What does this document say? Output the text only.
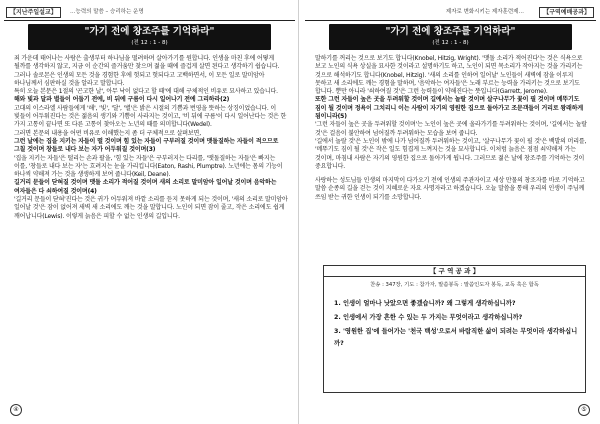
【지난주일설교】	…능력의 말씀 – 승리하는 운명
"가기 전에 창조주를 기억하라"
(전 12 : 1 - 8)

죄 가운데 태어나는 사람은 출생부터 하나님을 떨려하며 살아가기를 원합니다. 인생을 마친 후에 어떻게 될까를 생각하지 않고, 지금 이 순간의 즐거움만 찾으며 젊을 때에 즐겁게 살면 된다고 생각하기 쉽습니다. 그러나 솔로몬은 인생의 모든 것을 경험한 후에 헛되고 헛되다고 고백하면서, 이 모든 일로 말미암아 하나님께서 심판하실 것을 알라고 말합니다.

특히 오늘 본문은 1절의 '곤고한 날', 아무 낙이 없다고 할 때'에 대해 구체적인 비유로 묘사하고 있습니다.

해와 빛과 달과 별들이 어둡기 전에, 비 뒤에 구름이 다시 일어나기 전에 그리하라(2)

고대의 이스라엘 사람들에게 '해', '빛', '달', '별'은 밝은 시절의 기쁨과 번영을 뜻하는 상징이었습니다. 이 빛들이 어두워진다는 것은 젊음의 생기와 기쁨이 사라지는 것이고, '비 뒤에 구름'이 다시 일어난다는 것은 한 가지 고통이 끝나면 또 다른 고통이 찾아오는 노년의 때를 의미합니다(Wedel).

그러면 본문의 내용을 어떤 비유로 이해했는지 좀 더 구체적으로 살펴보면,

그런 날에는 집을 지키는 자들이 떨 것이며 힘 있는 자들이 구부러질 것이며 맷돌질하는 자들이 적으므로 그칠 것이며 창들로 내다 보는 자가 어두워질 것이며(3)

'집을 지키는 자들'은 떨리는 손과 팔을, '힘 있는 자들'은 구부러지는 다리를, '맷돌질하는 자들'은 빠지는 이를, '창들로 내다 보는 자'는 흐려지는 눈을 가리킵니다(Eaton, Rashi, Plumptre). 노년에는 몸의 기능이 하나씩 약해져 가는 것을 생생하게 보여 줍니다(Keil, Deane).

길거리 문들이 닫혀질 것이며 맷돌 소리가 적어질 것이며 새의 소리로 말미암아 일어날 것이며 음악하는 여자들은 다 쇠하여질 것이며(4)

'길거리 문들이 닫혀'진다는 것은 귀가 어두워져 바깥 소리를 듣지 못하게 되는 것이며, '새의 소리로 말미암아 일어날 것'은 잠이 없어져 새벽 새 소리에도 깨는 것을 말합니다. 노인이 되면 잠이 줄고, 작은 소리에도 쉽게 깨어납니다(Lewis). 이렇게 늙음은 피할 수 없는 인생의 길입니다.

④
제자로 변화시키는 제자훈련제…	【구역예배공과】
"가기 전에 창조주를 기억하라"
(전 12 : 1 - 8)

말하기를 꺼리는 것으로 보기도 합니다(Knobel, Hitzig, Wright). '맷돌 소리가 적어진다'는 것은 식욕으로 보고 노인의 식욕 상실을 묘사한 것이라고 설명하기도 하고, 노인이 되면 목소리가 작아지는 것을 가리키는 것으로 해석하기도 합니다(Knobel, Hitzig). '새의 소리를 인하여 일어날' 노인들이 새벽에 잠을 이루지 못하고 새 소리에도 깨는 경험을 말하며, '음악하는 여자들'은 노래 부르는 능력을 가리키는 것으로 보기도 합니다. 뿐만 아니라 '쇠하여질 것'은 그런 능력들이 약해진다는 뜻입니다(Garrett, Jerome).

또한 그런 자들이 높은 곳을 두려워할 것이며 길에서는 놀랄 것이며 살구나무가 꽃이 필 것이며 메뚜기도 짐이 될 것이며 정욕이 그치리니 이는 사람이 자기의 영원한 집으로 돌아가고 조문객들이 거리로 왕래하게 됨이니라(5)

'그런 자들이 높은 곳을 두려워할 것이며'는 노인이 높은 곳에 올라가기를 두려워하는 것이며, '길에서는 놀랄 것'은 걸음이 불안하여 넘어질까 두려워하는 모습을 보여 줍니다.

'길에서 놀랄 것'은 노인이 밖에 나가 넘어질까 두려워하는 것이고, '살구나무가 꽃이 필 것'은 백발의 머리를, '메뚜기도 짐이 될 것'은 작은 일도 힘겹게 느껴지는 것을 묘사합니다. 이처럼 늙음은 점점 쇠약해져 가는 것이며, 마침내 사람은 자기의 영원한 집으로 돌아가게 됩니다. 그러므로 젊은 날에 창조주를 기억하는 것이 중요합니다.

사랑하는 성도님들 인생의 마지막이 다가오기 전에 인생의 주관자이고 세상 만물의 창조자를 바로 기억하고 말씀 순종의 길을 걷는 것이 지혜로운 자요 사명자라고 하겠습니다. 오늘 말씀을 통해 우리의 인생이 주님께 쓰임 받는 귀한 인생이 되기를 소망합니다.

【 구 역 공 과 】
찬송 : 347장, 기도 : 참가자, 말씀봉독 : 말씀인도자 봉독, 교독 혹은 합독
1. 인생이 얼마나 낫았으면 좋겠습니까? 왜 그렇게 생각하십니까?
2. 인생에서 가장 흔한 수 있는 두 가지는 무엇이라고 생각하십니까?
3. '영원한 집'에 들어가는 '천국 백성'으로서 바람직한 삶이 되려는 무엇이라 생각하십니까?
⑤
